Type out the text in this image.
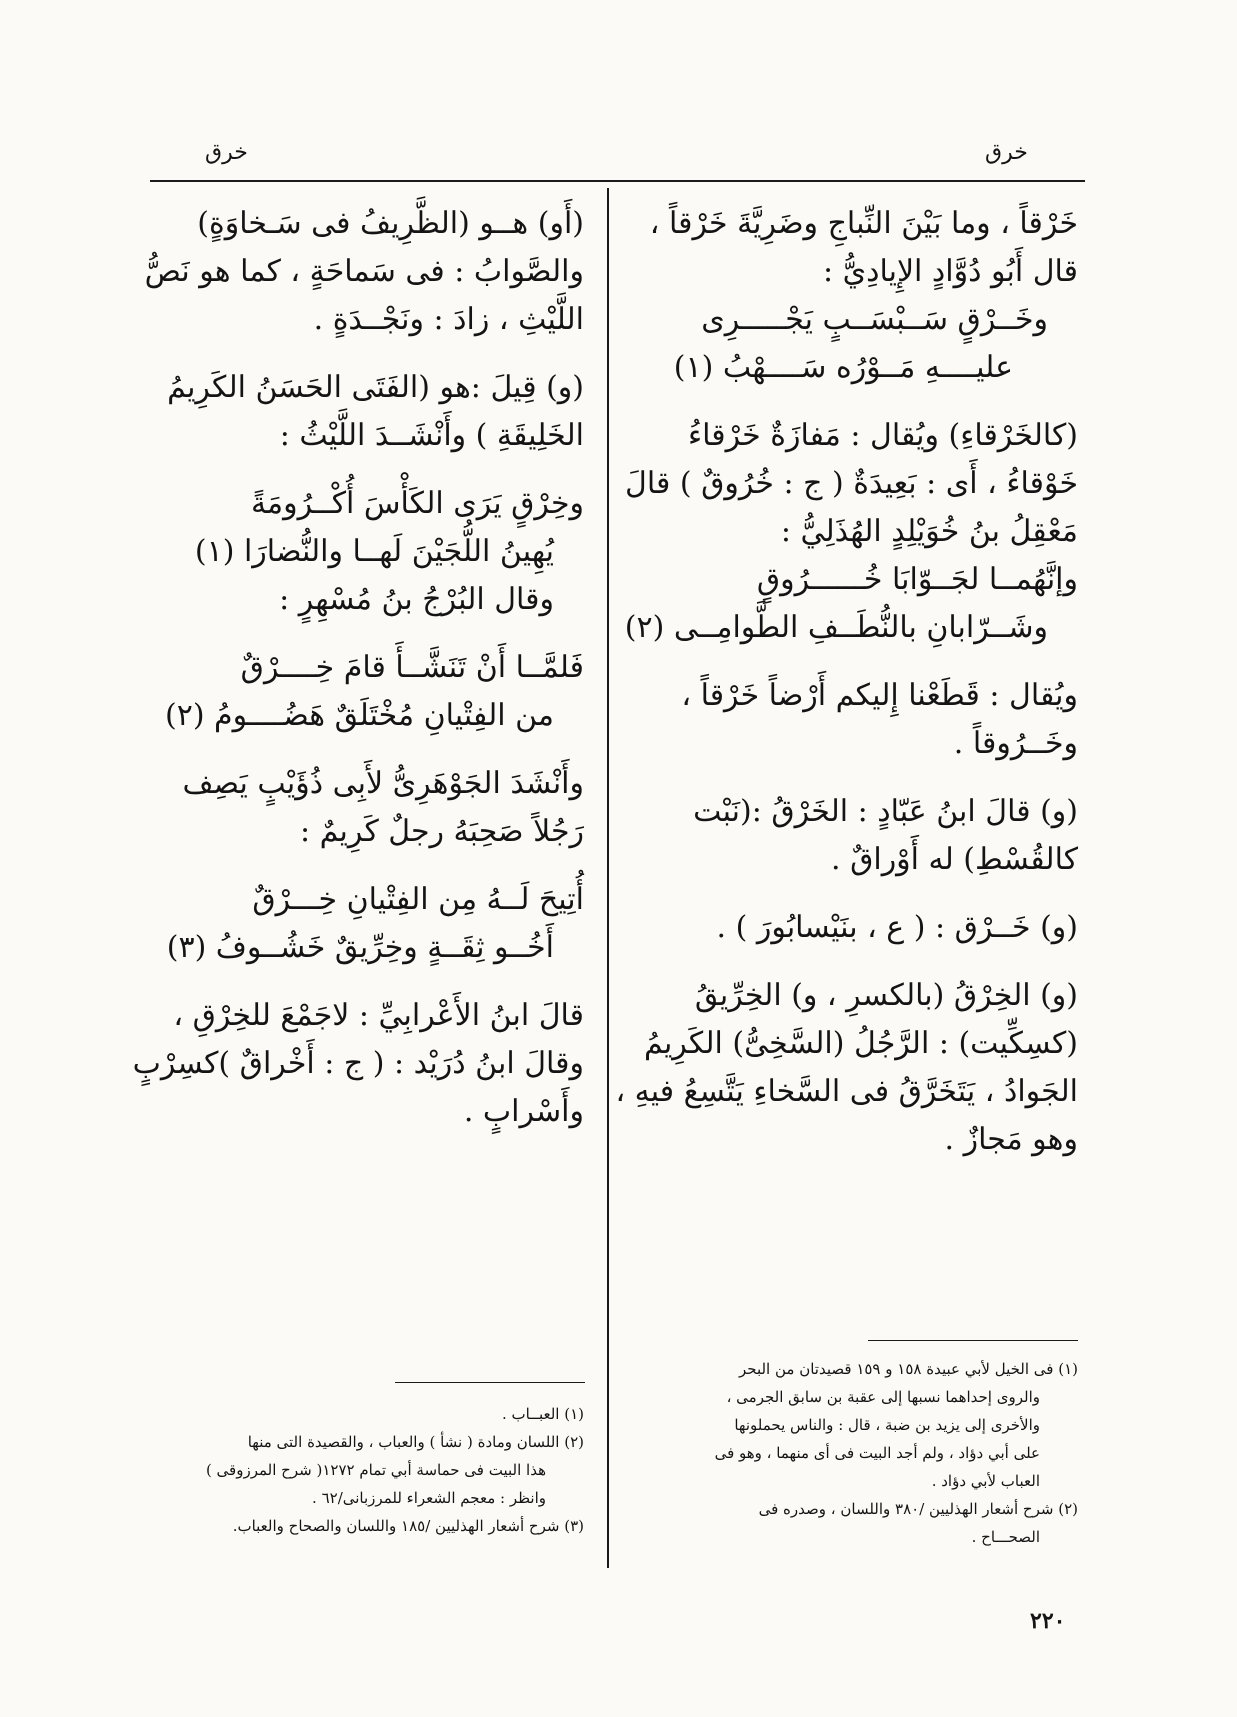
خرق	خرق
خَرْقاً ، وما بَيْنَ النِّباجِ وضَرِيَّةَ خَرْقاً ،
قال أَبُو دُوَّادٍ الإِيادِيُّ :
وخَــرْقٍ سَــبْسَــبٍ يَجْـــــرِى
عليــــهِ مَــوْرُه سَــــهْبُ (١)
(كالخَرْقاءِ) ويُقال : مَفازَةٌ خَرْقاءُ
خَوْقاءُ ، أَى : بَعِيدَةٌ ( ج : خُرُوقٌ ) قالَ
مَعْقِلُ بنُ خُوَيْلِدٍ الهُذَلِيُّ :
وإنَّهُمــا لجَــوّابَا خُــــــرُوقٍ
وشَــرّابانِ بالنُّطَــفِ الطَّوامِــى (٢)
ويُقال : قَطَعْنا إِليكم أَرْضاً خَرْقاً ،
وخَــرُوقاً .
(و) قالَ ابنُ عَبّادٍ : الخَرْقُ :(نَبْت
كالقُسْطِ) له أَوْراقٌ .
(و) خَــرْق : ( ع ، بنَيْسابُورَ ) .
(و) الخِرْقُ (بالكسرِ ، و) الخِرِّيقُ
(كسِكِّيت) : الرَّجُلُ (السَّخِىُّ) الكَرِيمُ
الجَوادُ ، يَتَخَرَّقُ فى السَّخاءِ يَتَّسِعُ فيهِ ،
وهو مَجازٌ .
(أَو) هــو (الظَّرِيفُ فى سَـخاوَةٍ)
والصَّوابُ : فى سَماحَةٍ ، كما هو نَصُّ
اللَّيْثِ ، زادَ : ونَجْــدَةٍ .
(و) قِيلَ :هو (الفَتَى الحَسَنُ الكَرِيمُ
الخَلِيقَةِ ) وأَنْشَــدَ اللَّيْثُ :
وخِرْقٍ يَرَى الكَأْسَ أُكْــرُومَةً
يُهِينُ اللُّجَيْنَ لَهــا والنُّضارَا (١)
وقال البُرْجُ بنُ مُسْهِرٍ :
فَلمَّــا أَنْ تَنَشَّــأَ قامَ خِــــرْقٌ
من الفِتْيانِ مُخْتَلَقٌ هَضُــــومُ (٢)
وأَنْشَدَ الجَوْهَرِىُّ لأَبِى ذُؤَيْبٍ يَصِف
رَجُلاً صَحِبَهُ رجلٌ كَرِيمٌ :
أُتِيحَ لَــهُ مِن الفِتْيانِ خِـــرْقٌ
أَخُــو ثِقَــةٍ وخِرِّيقٌ خَشُــوفُ (٣)
قالَ ابنُ الأَعْرابِيِّ : لاجَمْعَ للخِرْقِ ،
وقالَ ابنُ دُرَيْد : ( ج : أَخْراقٌ )كسِرْبٍ
وأَسْرابٍ .
(١) فى الخيل لأبي عبيدة ١٥٨ و ١٥٩ قصيدتان من البحر
والروى إحداهما نسبها إلى عقبة بن سابق الجرمى ،
والأخرى إلى يزيد بن ضبة ، قال : والناس يحملونها
على أبي دؤاد ، ولم أجد البيت فى أى منهما ، وهو فى
العباب لأبي دؤاد .
(٢) شرح أشعار الهذليين /٣٨٠ واللسان ، وصدره فى
الصحـــاح .
(١) العبــاب .
(٢) اللسان ومادة ( نشأ ) والعباب ، والقصيدة التى منها
هذا البيت فى حماسة أبي تمام ١٢٧٢( شرح المرزوقى )
وانظر : معجم الشعراء للمرزبانى/٦٢ .
(٣) شرح أشعار الهذليين /١٨٥ واللسان والصحاح والعباب.
٢٢٠
